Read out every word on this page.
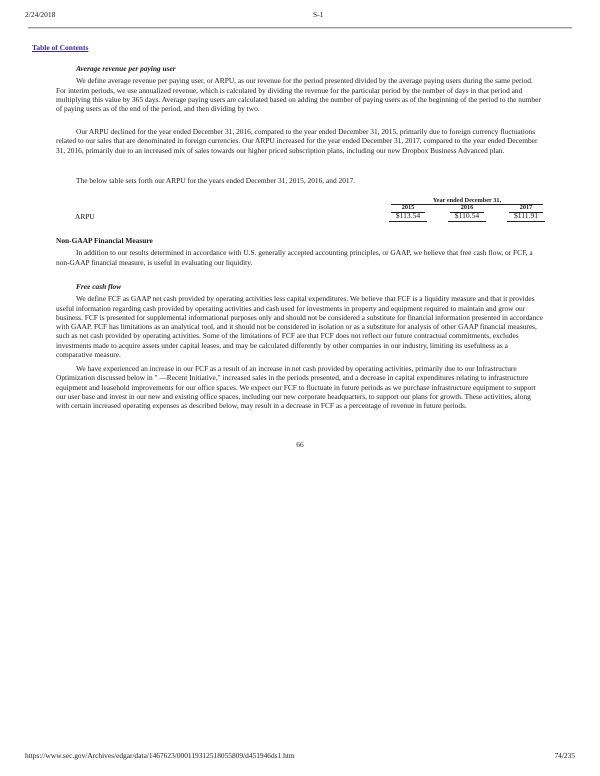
2/24/2018	S-1
Table of Contents
Average revenue per paying user

We define average revenue per paying user, or ARPU, as our revenue for the period presented divided by the average paying users during the same period. For interim periods, we use annualized revenue, which is calculated by dividing the revenue for the particular period by the number of days in that period and multiplying this value by 365 days. Average paying users are calculated based on adding the number of paying users as of the beginning of the period to the number of paying users as of the end of the period, and then dividing by two.

Our ARPU declined for the year ended December 31, 2016, compared to the year ended December 31, 2015, primarily due to foreign currency fluctuations related to our sales that are denominated in foreign currencies. Our ARPU increased for the year ended December 31, 2017, compared to the year ended December 31, 2016, primarily due to an increased mix of sales towards our higher priced subscription plans, including our new Dropbox Business Advanced plan.

The below table sets forth our ARPU for the years ended December 31, 2015, 2016, and 2017.

Year ended December 31,
2015	2016	2017
ARPU	$113.54	$110.54	$111.91
Non-GAAP Financial Measure

In addition to our results determined in accordance with U.S. generally accepted accounting principles, or GAAP, we believe that free cash flow, or FCF, a non-GAAP financial measure, is useful in evaluating our liquidity.

Free cash flow

We define FCF as GAAP net cash provided by operating activities less capital expenditures. We believe that FCF is a liquidity measure and that it provides useful information regarding cash provided by operating activities and cash used for investments in property and equipment required to maintain and grow our business. FCF is presented for supplemental informational purposes only and should not be considered a substitute for financial information presented in accordance with GAAP. FCF has limitations as an analytical tool, and it should not be considered in isolation or as a substitute for analysis of other GAAP financial measures, such as net cash provided by operating activities. Some of the limitations of FCF are that FCF does not reflect our future contractual commitments, excludes investments made to acquire assets under capital leases, and may be calculated differently by other companies in our industry, limiting its usefulness as a comparative measure.

We have experienced an increase in our FCF as a result of an increase in net cash provided by operating activities, primarily due to our Infrastructure Optimization discussed below in " —Recent Initiative," increased sales in the periods presented, and a decrease in capital expenditures relating to infrastructure equipment and leasehold improvements for our office spaces. We expect our FCF to fluctuate in future periods as we purchase infrastructure equipment to support our user base and invest in our new and existing office spaces, including our new corporate headquarters, to support our plans for growth. These activities, along with certain increased operating expenses as described below, may result in a decrease in FCF as a percentage of revenue in future periods.

66
https://www.sec.gov/Archives/edgar/data/1467623/000119312518055809/d451946ds1.htm	74/235
